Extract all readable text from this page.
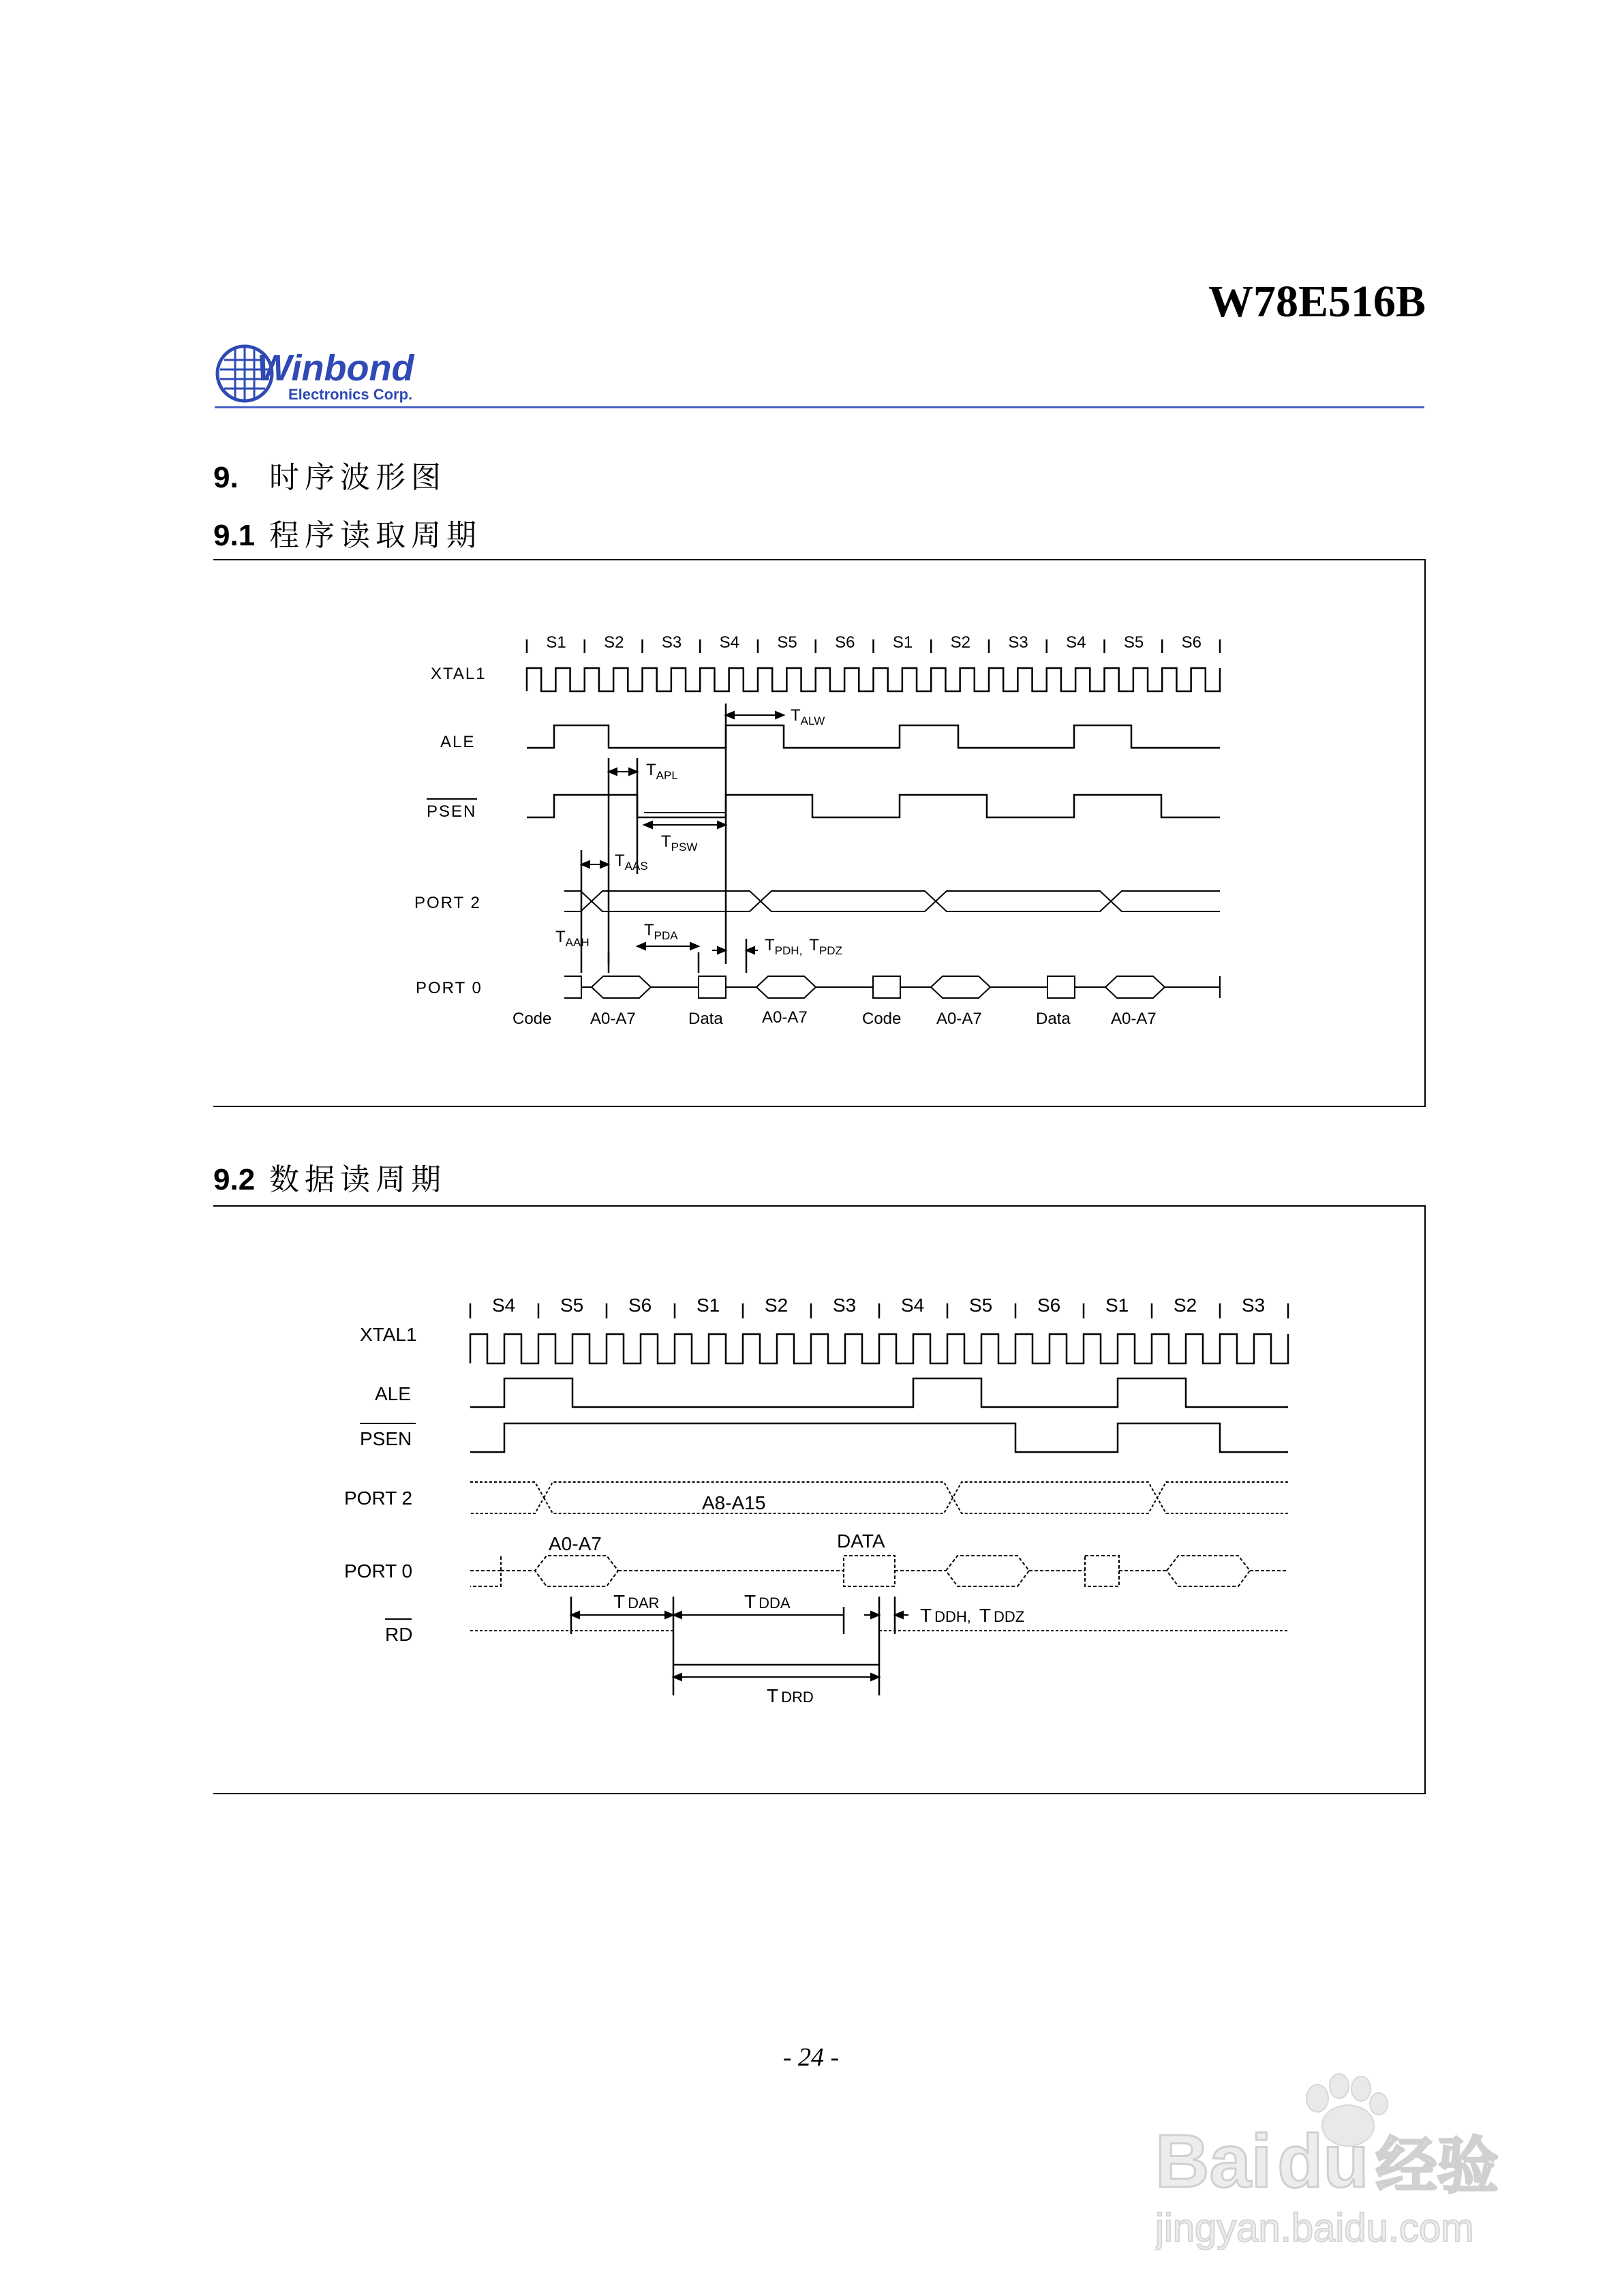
W78E516B
Winbond
Electronics Corp.
9. 时序波形图
9.1 程序读取周期
S1 S2 S3 S4 S5 S6 S1 S2 S3 S4 S5 S6
XTAL1
ALE
PSEN
PORT 2
PORT 0
$T_{ALW}$
$T_{APL}$
$T_{PSW}$
$T_{AAS}$
$T_{AAH}$
$T_{PDA}$
$T_{PDH,}$ $T_{PDZ}$
Code A0-A7	Data A0-A7	Code A0-A7	Data A0-A7
9.2 数据读周期
S4 S5 S6 S1 S2 S3 S4 S5 S6 S1 S2 S3
XTAL1
ALE
PSEN
PORT 2	A8-A15
PORT 0
A0-A7	DATA
RD
T DAR	T DDA
T DDH, T DDZ
T DRD
- 24 -
Baidu 经验
jingyan.baidu.com
